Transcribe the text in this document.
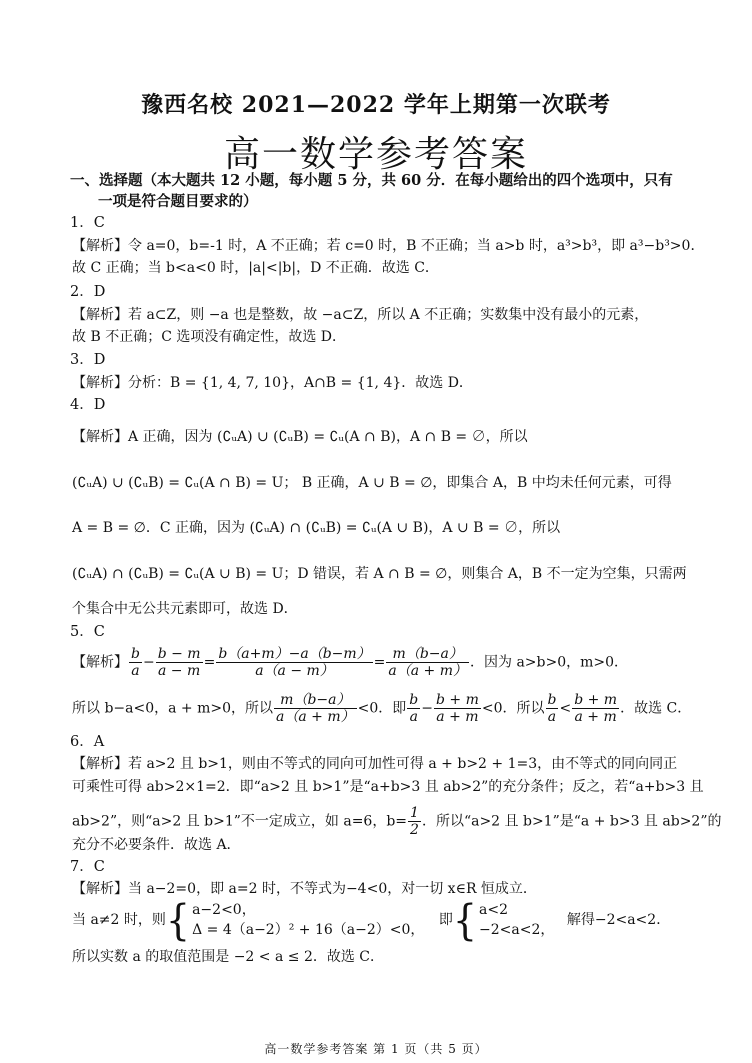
豫西名校 2021—2022 学年上期第一次联考
高一数学参考答案
一、选择题（本大题共 12 小题，每小题 5 分，共 60 分．在每小题给出的四个选项中，只有
一项是符合题目要求的）
1．C
【解析】令 a=0，b=-1 时，A 不正确；若 c=0 时，B 不正确；当 a>b 时，a³>b³，即 a³−b³>0．
故 C 正确；当 b<a<0 时，|a|<|b|，D 不正确．故选 C．
2．D
【解析】若 a⊂Z，则 −a 也是整数，故 −a⊂Z，所以 A 不正确；实数集中没有最小的元素，
故 B 不正确；C 选项没有确定性，故选 D．
3．D
【解析】分析：B = {1, 4, 7, 10}，A∩B = {1, 4}．故选 D．
4．D
【解析】A 正确，因为 (∁ᵤA) ∪ (∁ᵤB) = ∁ᵤ(A ∩ B)，A ∩ B = ∅，所以
(∁ᵤA) ∪ (∁ᵤB) = ∁ᵤ(A ∩ B) = U； B 正确，A ∪ B = ∅，即集合 A，B 中均未任何元素，可得
A = B = ∅．C 正确，因为 (∁ᵤA) ∩ (∁ᵤB) = ∁ᵤ(A ∪ B)，A ∪ B = ∅，所以
(∁ᵤA) ∩ (∁ᵤB) = ∁ᵤ(A ∪ B) = U；D 错误，若 A ∩ B = ∅，则集合 A，B 不一定为空集，只需两
个集合中无公共元素即可，故选 D．
5．C
【解析】 $\frac{b}{a} - \frac{b - m}{a - m} = \frac{b(a+m)-a(b-m)}{a(a - m)} = \frac{m(b-a)}{a(a + m)}$ ．因为 a>b>0，m>0．
所以 b−a<0，a + m>0，所以 $\frac{m(b-a)}{a(a + m)} <0$．即 $\frac{b}{a} - \frac{b + m}{a + m} <0$．所以 $\frac{b}{a} < \frac{b + m}{a + m}$ ．故选 C．
6．A
【解析】若 a>2 且 b>1，则由不等式的同向可加性可得 a + b>2 + 1=3，由不等式的同向同正
可乘性可得 ab>2×1=2．即“a>2 且 b>1”是“a+b>3 且 ab>2”的充分条件；反之，若“a+b>3 且
ab>2”，则“a>2 且 b>1”不一定成立，如 a=6，$b= \frac{1}{2}$ ．所以“a>2 且 b>1”是“a + b>3 且 ab>2”的
充分不必要条件．故选 A．
7．C
【解析】当 a−2=0，即 a=2 时，不等式为−4<0，对一切 x∈R 恒成立．
当 a≠2 时，则{ a−2<0，
Δ = 4（a−2）² + 16（a−2）<0，
即{ a<2
−2<a<2，
解得−2<a<2．
所以实数 a 的取值范围是 −2 < a ≤ 2．故选 C．
高一数学参考答案 第 1 页（共 5 页）
